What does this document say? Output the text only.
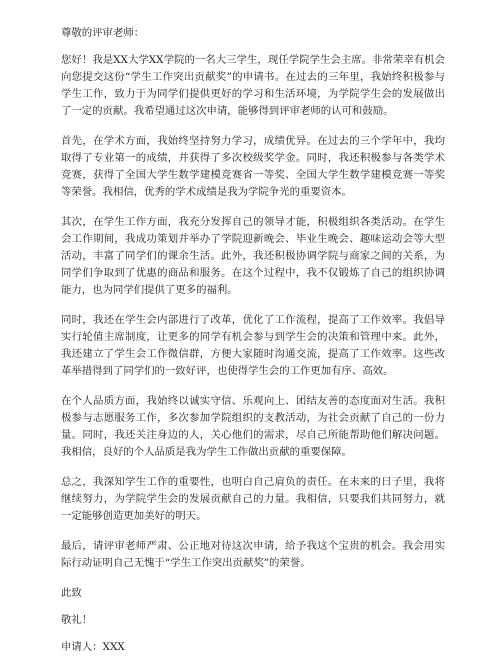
尊敬的评审老师：

您好！我是XX大学XX学院的一名大三学生，现任学院学生会主席。非常荣幸有机会向您提交这份“学生工作突出贡献奖”的申请书。在过去的三年里，我始终积极参与学生工作，致力于为同学们提供更好的学习和生活环境，为学院学生会的发展做出了一定的贡献。我希望通过这次申请，能够得到评审老师的认可和鼓励。

首先，在学术方面，我始终坚持努力学习，成绩优异。在过去的三个学年中，我均取得了专业第一的成绩，并获得了多次校级奖学金。同时，我还积极参与各类学术竞赛，获得了全国大学生数学建模竞赛省一等奖、全国大学生数学建模竞赛一等奖等荣誉。我相信，优秀的学术成绩是我为学院争光的重要资本。

其次，在学生工作方面，我充分发挥自己的领导才能，积极组织各类活动。在学生会工作期间，我成功策划并举办了学院迎新晚会、毕业生晚会、趣味运动会等大型活动，丰富了同学们的课余生活。此外，我还积极协调学院与商家之间的关系，为同学们争取到了优惠的商品和服务。在这个过程中，我不仅锻炼了自己的组织协调能力，也为同学们提供了更多的福利。

同时，我还在学生会内部进行了改革，优化了工作流程，提高了工作效率。我倡导实行轮值主席制度，让更多的同学有机会参与到学生会的决策和管理中来。此外，我还建立了学生会工作微信群，方便大家随时沟通交流，提高了工作效率。这些改革举措得到了同学们的一致好评，也使得学生会的工作更加有序、高效。

在个人品质方面，我始终以诚实守信、乐观向上、团结友善的态度面对生活。我积极参与志愿服务工作，多次参加学院组织的支教活动，为社会贡献了自己的一份力量。同时，我还关注身边的人，关心他们的需求，尽自己所能帮助他们解决问题。我相信，良好的个人品质是我为学生工作做出贡献的重要保障。

总之，我深知学生工作的重要性，也明白自己肩负的责任。在未来的日子里，我将继续努力，为学院学生会的发展贡献自己的力量。我相信，只要我们共同努力，就一定能够创造更加美好的明天。

最后，请评审老师严肃、公正地对待这次申请，给予我这个宝贵的机会。我会用实际行动证明自己无愧于“学生工作突出贡献奖”的荣誉。

此致
敬礼！
申请人：XXX
